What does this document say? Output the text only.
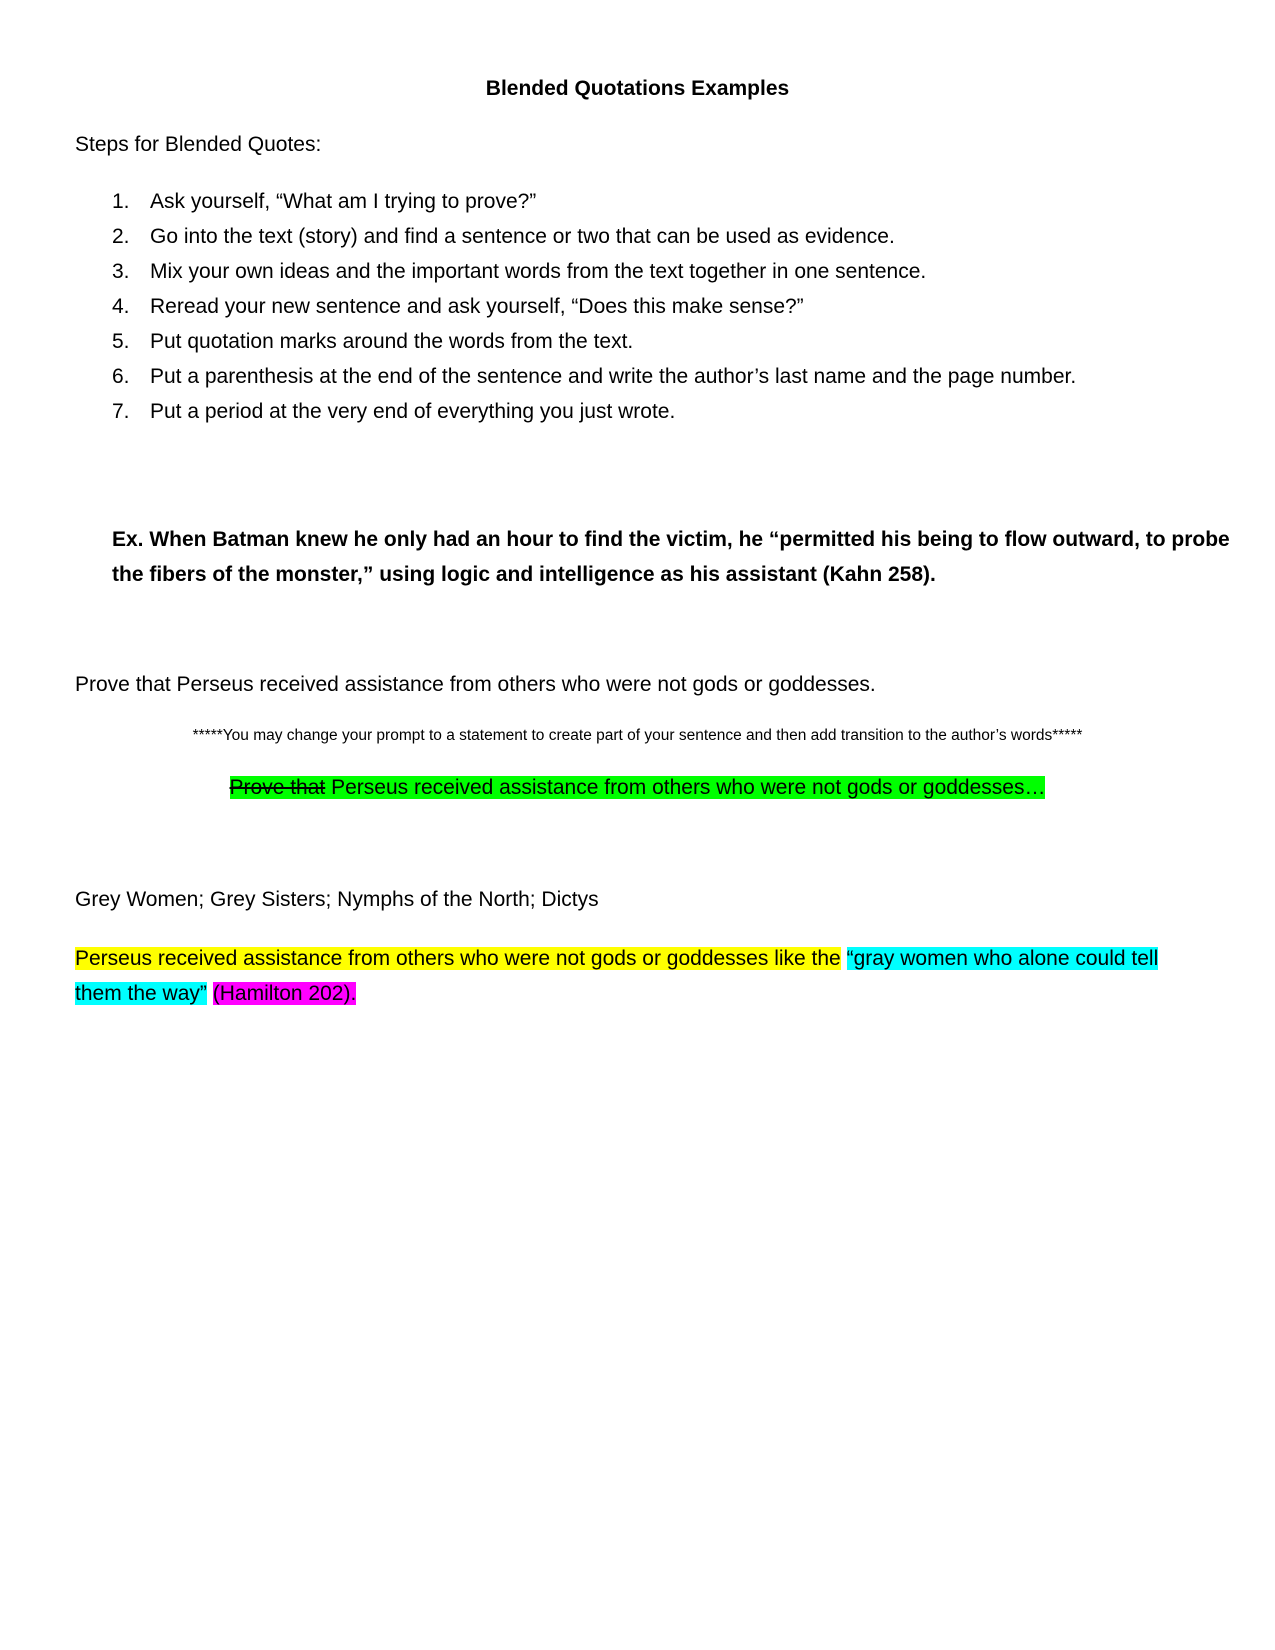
Blended Quotations Examples
Steps for Blended Quotes:
1. Ask yourself, “What am I trying to prove?”
2. Go into the text (story) and find a sentence or two that can be used as evidence.
3. Mix your own ideas and the important words from the text together in one sentence.
4. Reread your new sentence and ask yourself, “Does this make sense?”
5. Put quotation marks around the words from the text.
6. Put a parenthesis at the end of the sentence and write the author’s last name and the page number.
7. Put a period at the very end of everything you just wrote.
Ex. When Batman knew he only had an hour to find the victim, he “permitted his being to flow outward, to probe the fibers of the monster,” using logic and intelligence as his assistant (Kahn 258).
Prove that Perseus received assistance from others who were not gods or goddesses.
*****You may change your prompt to a statement to create part of your sentence and then add transition to the author’s words*****
Prove that Perseus received assistance from others who were not gods or goddesses…
Grey Women; Grey Sisters; Nymphs of the North; Dictys
Perseus received assistance from others who were not gods or goddesses like the “gray women who alone could tell them the way” (Hamilton 202).
